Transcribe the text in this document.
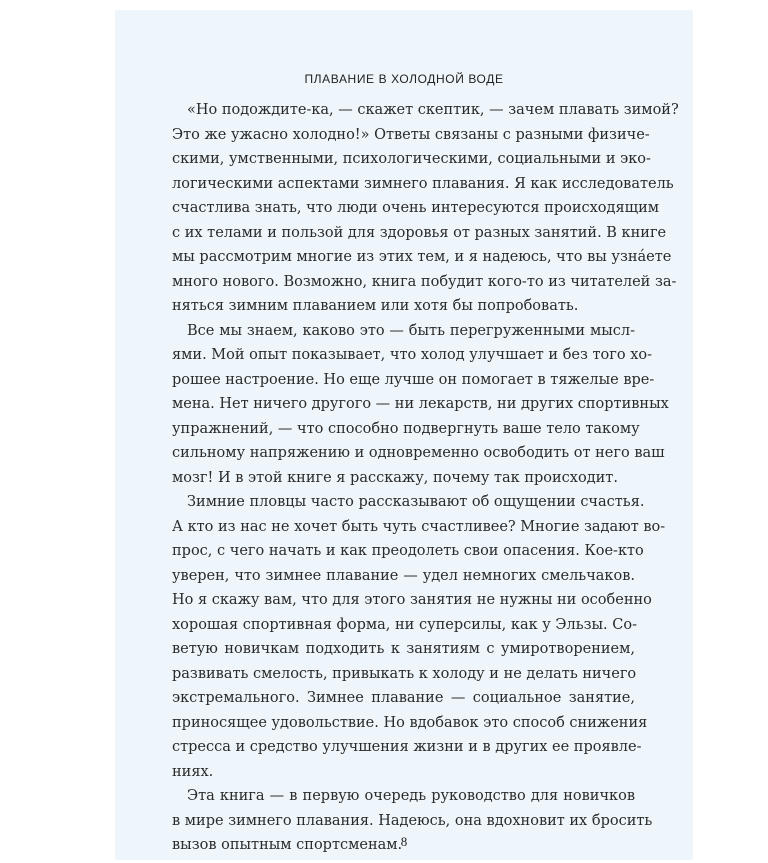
ПЛАВАНИЕ В ХОЛОДНОЙ ВОДЕ
«Но подождите-ка, — скажет скептик, — зачем плавать зимой?
Это же ужасно холодно!» Ответы связаны с разными физиче-
скими, умственными, психологическими, социальными и эко-
логическими аспектами зимнего плавания. Я как исследователь
счастлива знать, что люди очень интересуются происходящим
с их телами и пользой для здоровья от разных занятий. В книге
мы рассмотрим многие из этих тем, и я надеюсь, что вы узнáете
много нового. Возможно, книга побудит кого-то из читателей за-
няться зимним плаванием или хотя бы попробовать.
Все мы знаем, каково это — быть перегруженными мысл-
ями. Мой опыт показывает, что холод улучшает и без того хо-
рошее настроение. Но еще лучше он помогает в тяжелые вре-
мена. Нет ничего другого — ни лекарств, ни других спортивных
упражнений, — что способно подвергнуть ваше тело такому
сильному напряжению и одновременно освободить от него ваш
мозг! И в этой книге я расскажу, почему так происходит.
Зимние пловцы часто рассказывают об ощущении счастья.
А кто из нас не хочет быть чуть счастливее? Многие задают во-
прос, с чего начать и как преодолеть свои опасения. Кое-кто
уверен, что зимнее плавание — удел немногих смельчаков.
Но я скажу вам, что для этого занятия не нужны ни особенно
хорошая спортивная форма, ни суперсилы, как у Эльзы. Со-
ветую новичкам подходить к занятиям с умиротворением,
развивать смелость, привыкать к холоду и не делать ничего
экстремального. Зимнее плавание — социальное занятие,
приносящее удовольствие. Но вдобавок это способ снижения
стресса и средство улучшения жизни и в других ее проявле-
ниях.
Эта книга — в первую очередь руководство для новичков
в мире зимнего плавания. Надеюсь, она вдохновит их бросить
вызов опытным спортсменам.
8
